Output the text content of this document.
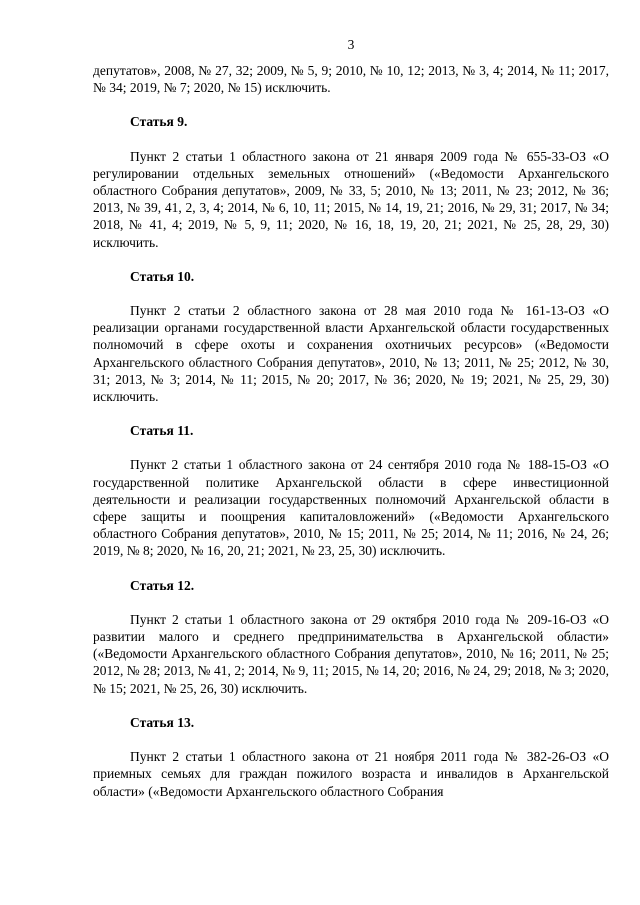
3

депутатов», 2008, № 27, 32; 2009, № 5, 9; 2010, № 10, 12; 2013, № 3, 4; 2014, № 11; 2017, № 34; 2019, № 7; 2020, № 15) исключить.

Статья 9.

Пункт 2 статьи 1 областного закона от 21 января 2009 года № 655-33-ОЗ «О регулировании отдельных земельных отношений» («Ведомости Архангельского областного Собрания депутатов», 2009, № 33, 5; 2010, № 13; 2011, № 23; 2012, № 36; 2013, № 39, 41, 2, 3, 4; 2014, № 6, 10, 11; 2015, № 14, 19, 21; 2016, № 29, 31; 2017, № 34; 2018, № 41, 4; 2019, № 5, 9, 11; 2020, № 16, 18, 19, 20, 21; 2021, № 25, 28, 29, 30) исключить.

Статья 10.

Пункт 2 статьи 2 областного закона от 28 мая 2010 года № 161-13-ОЗ «О реализации органами государственной власти Архангельской области государственных полномочий в сфере охоты и сохранения охотничьих ресурсов» («Ведомости Архангельского областного Собрания депутатов», 2010, № 13; 2011, № 25; 2012, № 30, 31; 2013, № 3; 2014, № 11; 2015, № 20; 2017, № 36; 2020, № 19; 2021, № 25, 29, 30) исключить.

Статья 11.

Пункт 2 статьи 1 областного закона от 24 сентября 2010 года № 188-15-ОЗ «О государственной политике Архангельской области в сфере инвестиционной деятельности и реализации государственных полномочий Архангельской области в сфере защиты и поощрения капиталовложений» («Ведомости Архангельского областного Собрания депутатов», 2010, № 15; 2011, № 25; 2014, № 11; 2016, № 24, 26; 2019, № 8; 2020, № 16, 20, 21; 2021, № 23, 25, 30) исключить.

Статья 12.

Пункт 2 статьи 1 областного закона от 29 октября 2010 года № 209-16-ОЗ «О развитии малого и среднего предпринимательства в Архангельской области» («Ведомости Архангельского областного Собрания депутатов», 2010, № 16; 2011, № 25; 2012, № 28; 2013, № 41, 2; 2014, № 9, 11; 2015, № 14, 20; 2016, № 24, 29; 2018, № 3; 2020, № 15; 2021, № 25, 26, 30) исключить.

Статья 13.

Пункт 2 статьи 1 областного закона от 21 ноября 2011 года № 382-26-ОЗ «О приемных семьях для граждан пожилого возраста и инвалидов в Архангельской области» («Ведомости Архангельского областного Собрания
